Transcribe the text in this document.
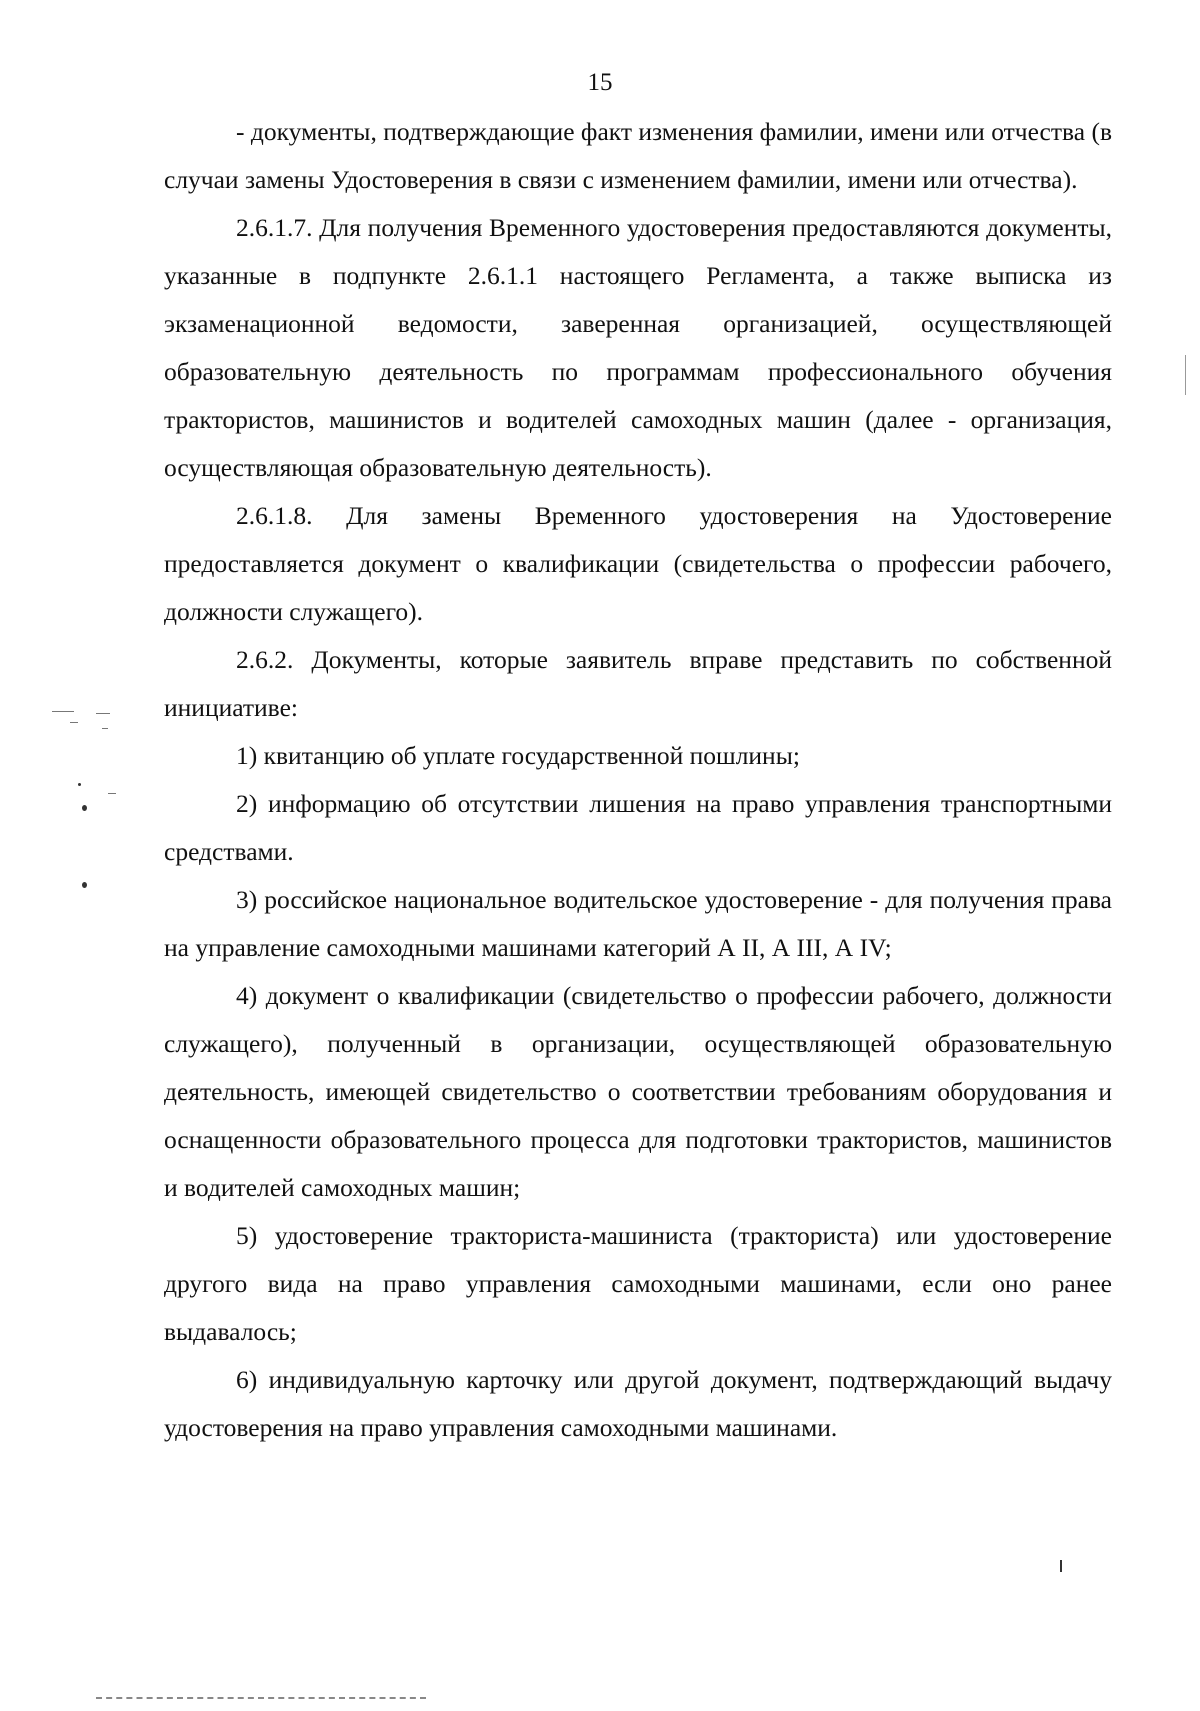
15

- документы, подтверждающие факт изменения фамилии, имени или отчества (в случаи замены Удостоверения в связи с изменением фамилии, имени или отчества).

2.6.1.7. Для получения Временного удостоверения предоставляются документы, указанные в подпункте 2.6.1.1 настоящего Регламента, а также выписка из экзаменационной ведомости, заверенная организацией, осуществляющей образовательную деятельность по программам профессионального обучения трактористов, машинистов и водителей самоходных машин (далее - организация, осуществляющая образовательную деятельность).

2.6.1.8. Для замены Временного удостоверения на Удостоверение предоставляется документ о квалификации (свидетельства о профессии рабочего, должности служащего).

2.6.2. Документы, которые заявитель вправе представить по собственной инициативе:

1) квитанцию об уплате государственной пошлины;

2) информацию об отсутствии лишения на право управления транспортными средствами.

3) российское национальное водительское удостоверение - для получения права на управление самоходными машинами категорий А II, А III, А IV;

4) документ о квалификации (свидетельство о профессии рабочего, должности служащего), полученный в организации, осуществляющей образовательную деятельность, имеющей свидетельство о соответствии требованиям оборудования и оснащенности образовательного процесса для подготовки трактористов, машинистов и водителей самоходных машин;

5) удостоверение тракториста-машиниста (тракториста) или удостоверение другого вида на право управления самоходными машинами, если оно ранее выдавалось;

6) индивидуальную карточку или другой документ, подтверждающий выдачу удостоверения на право управления самоходными машинами.
